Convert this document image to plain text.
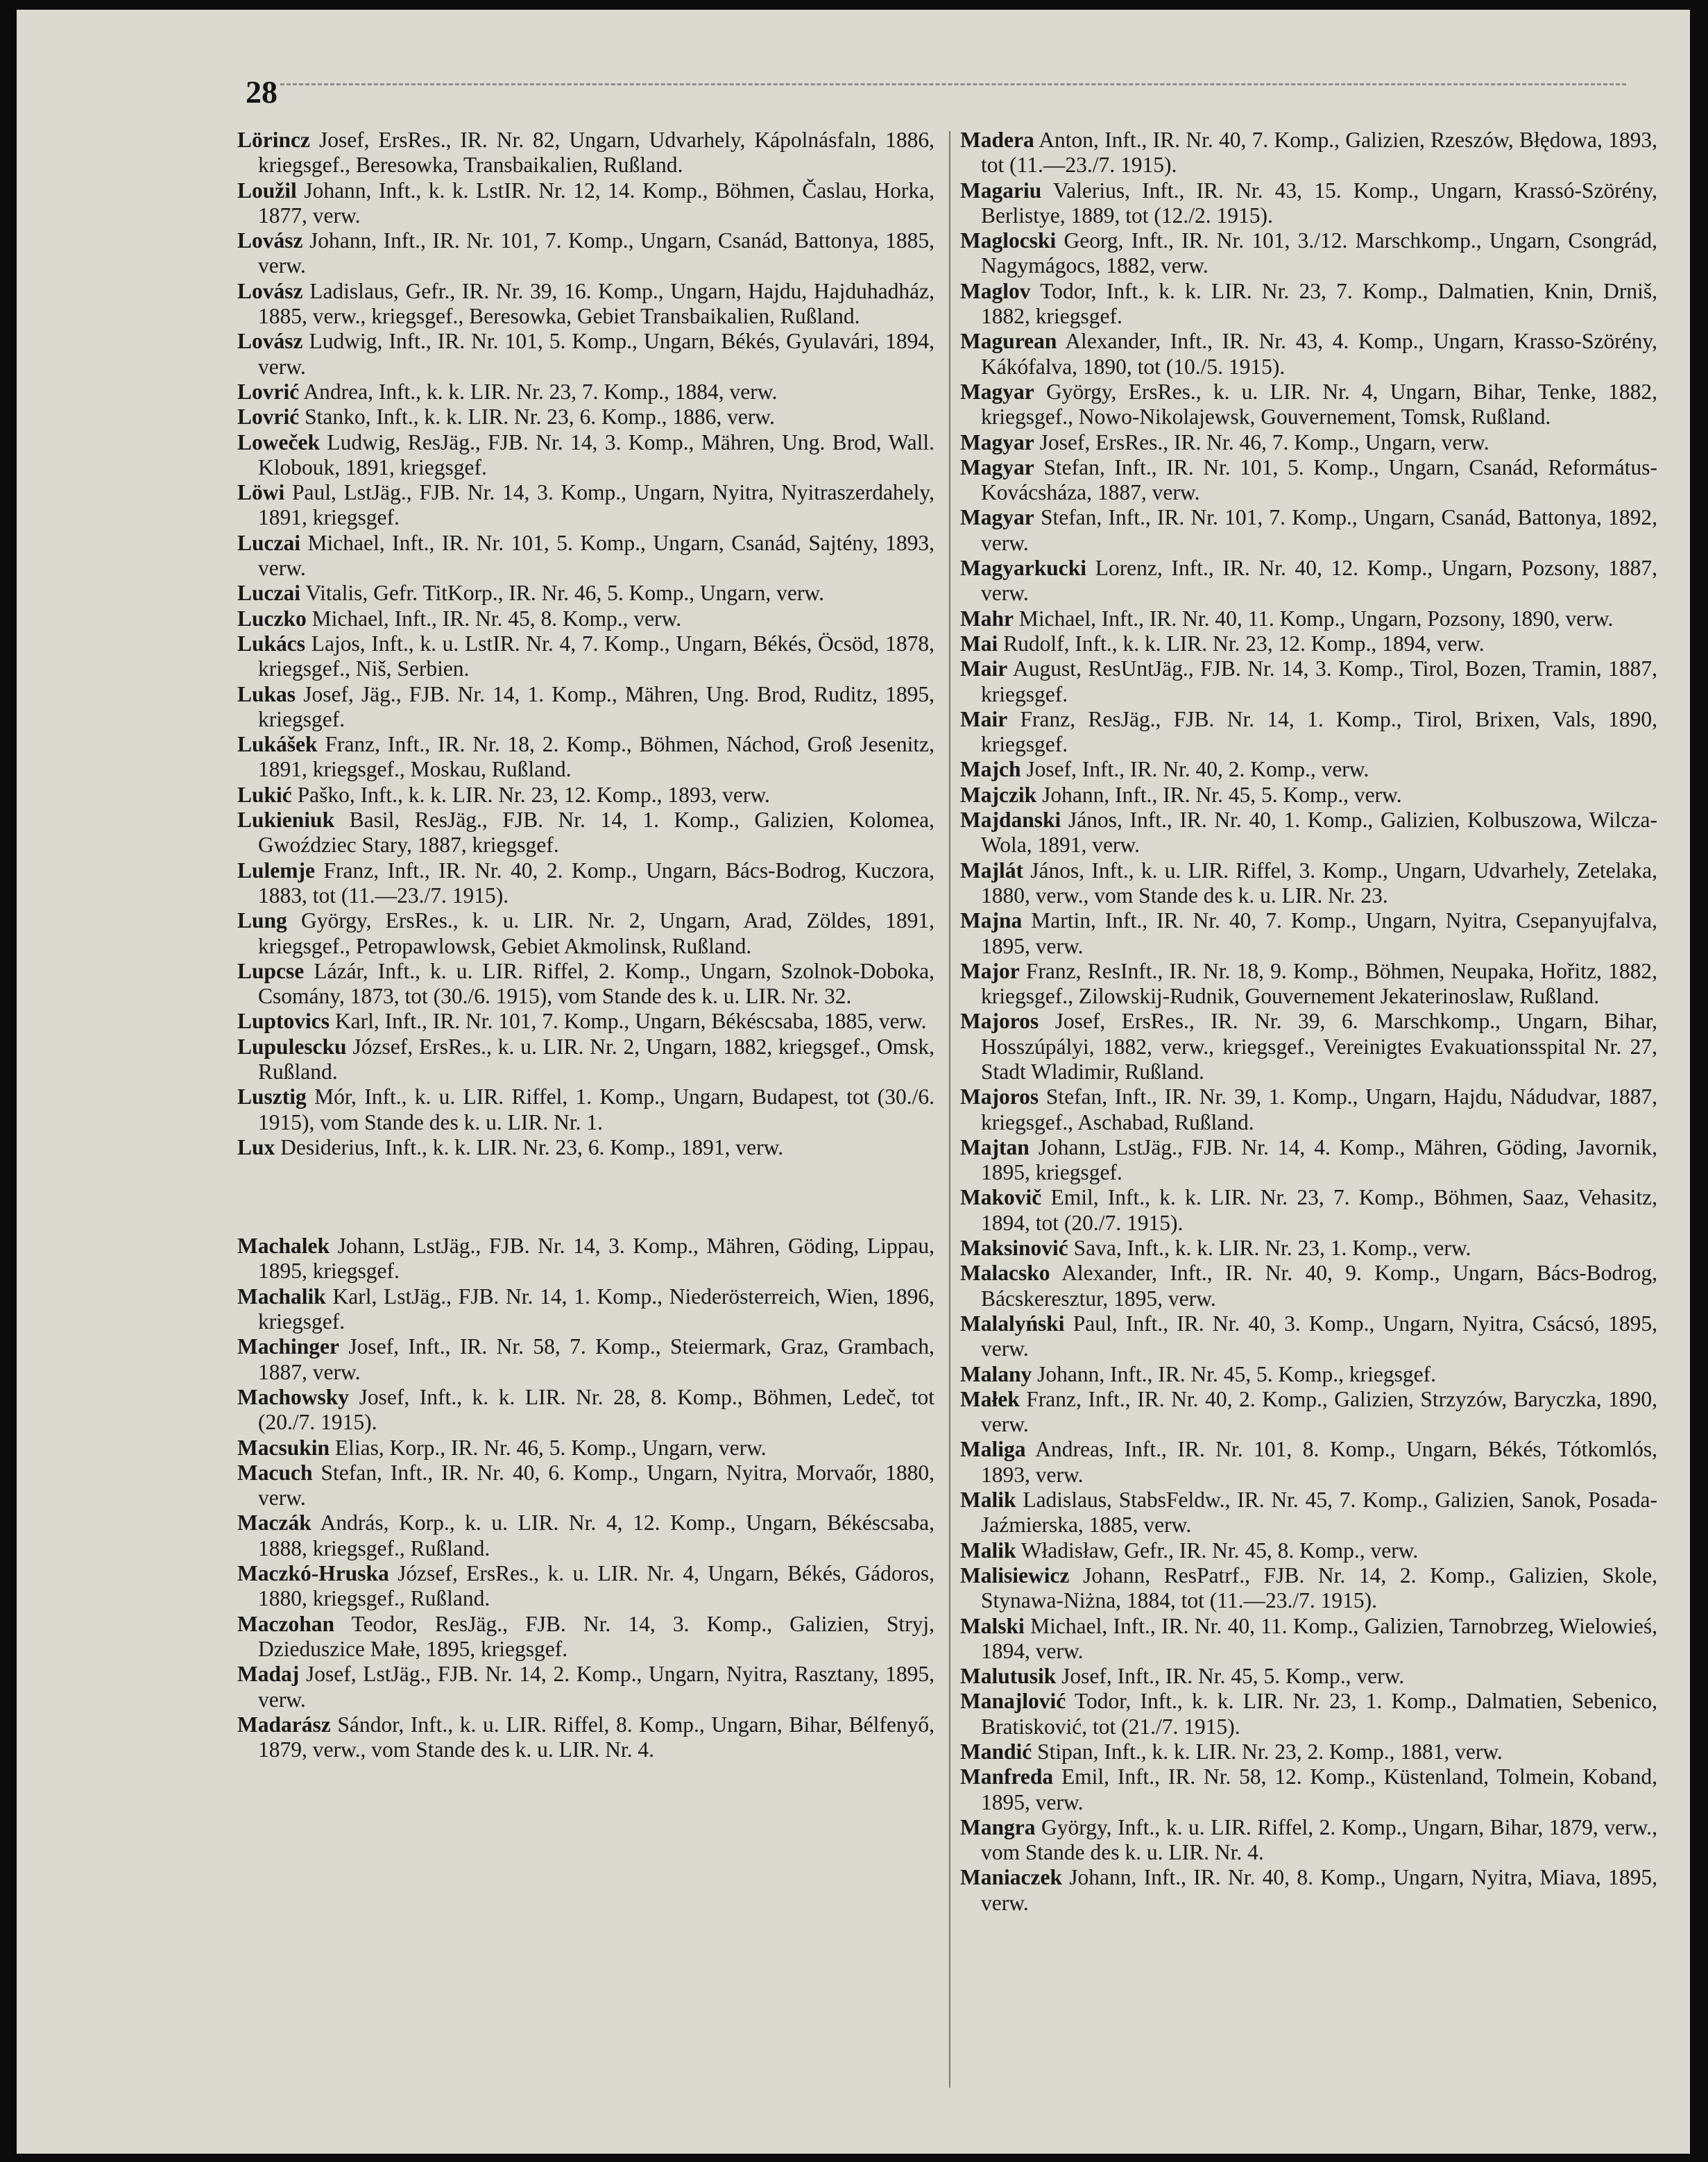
28

Lörincz Josef, ErsRes., IR. Nr. 82, Ungarn, Udvarhely, Kápolnásfaln, 1886, kriegsgef., Beresowka, Transbaikalien, Rußland.

Loužil Johann, Inft., k. k. LstIR. Nr. 12, 14. Komp., Böhmen, Časlau, Horka, 1877, verw.

Lovász Johann, Inft., IR. Nr. 101, 7. Komp., Ungarn, Csanád, Battonya, 1885, verw.

Lovász Ladislaus, Gefr., IR. Nr. 39, 16. Komp., Ungarn, Hajdu, Hajduhadház, 1885, verw., kriegsgef., Beresowka, Gebiet Transbaikalien, Rußland.

Lovász Ludwig, Inft., IR. Nr. 101, 5. Komp., Ungarn, Békés, Gyulavári, 1894, verw.

Lovrić Andrea, Inft., k. k. LIR. Nr. 23, 7. Komp., 1884, verw.

Lovrić Stanko, Inft., k. k. LIR. Nr. 23, 6. Komp., 1886, verw.

Loweček Ludwig, ResJäg., FJB. Nr. 14, 3. Komp., Mähren, Ung. Brod, Wall. Klobouk, 1891, kriegsgef.

Löwi Paul, LstJäg., FJB. Nr. 14, 3. Komp., Ungarn, Nyitra, Nyitraszerdahely, 1891, kriegsgef.

Luczai Michael, Inft., IR. Nr. 101, 5. Komp., Ungarn, Csanád, Sajtény, 1893, verw.

Luczai Vitalis, Gefr. TitKorp., IR. Nr. 46, 5. Komp., Ungarn, verw.

Luczko Michael, Inft., IR. Nr. 45, 8. Komp., verw.

Lukács Lajos, Inft., k. u. LstIR. Nr. 4, 7. Komp., Ungarn, Békés, Öcsöd, 1878, kriegsgef., Niš, Serbien.

Lukas Josef, Jäg., FJB. Nr. 14, 1. Komp., Mähren, Ung. Brod, Ruditz, 1895, kriegsgef.

Lukášek Franz, Inft., IR. Nr. 18, 2. Komp., Böhmen, Náchod, Groß Jesenitz, 1891, kriegsgef., Moskau, Rußland.

Lukić Paško, Inft., k. k. LIR. Nr. 23, 12. Komp., 1893, verw.

Lukieniuk Basil, ResJäg., FJB. Nr. 14, 1. Komp., Galizien, Kolomea, Gwoździec Stary, 1887, kriegsgef.

Lulemje Franz, Inft., IR. Nr. 40, 2. Komp., Ungarn, Bács-Bodrog, Kuczora, 1883, tot (11.—23./7. 1915).

Lung György, ErsRes., k. u. LIR. Nr. 2, Ungarn, Arad, Zöldes, 1891, kriegsgef., Petropawlowsk, Gebiet Akmolinsk, Rußland.

Lupcse Lázár, Inft., k. u. LIR. Riffel, 2. Komp., Ungarn, Szolnok-Doboka, Csomány, 1873, tot (30./6. 1915), vom Stande des k. u. LIR. Nr. 32.

Luptovics Karl, Inft., IR. Nr. 101, 7. Komp., Ungarn, Békéscsaba, 1885, verw.

Lupulescku József, ErsRes., k. u. LIR. Nr. 2, Ungarn, 1882, kriegsgef., Omsk, Rußland.

Lusztig Mór, Inft., k. u. LIR. Riffel, 1. Komp., Ungarn, Budapest, tot (30./6. 1915), vom Stande des k. u. LIR. Nr. 1.

Lux Desiderius, Inft., k. k. LIR. Nr. 23, 6. Komp., 1891, verw.

Machalek Johann, LstJäg., FJB. Nr. 14, 3. Komp., Mähren, Göding, Lippau, 1895, kriegsgef.

Machalik Karl, LstJäg., FJB. Nr. 14, 1. Komp., Niederösterreich, Wien, 1896, kriegsgef.

Machinger Josef, Inft., IR. Nr. 58, 7. Komp., Steiermark, Graz, Grambach, 1887, verw.

Machowsky Josef, Inft., k. k. LIR. Nr. 28, 8. Komp., Böhmen, Ledeč, tot (20./7. 1915).

Macsukin Elias, Korp., IR. Nr. 46, 5. Komp., Ungarn, verw.

Macuch Stefan, Inft., IR. Nr. 40, 6. Komp., Ungarn, Nyitra, Morvaőr, 1880, verw.

Maczák András, Korp., k. u. LIR. Nr. 4, 12. Komp., Ungarn, Békéscsaba, 1888, kriegsgef., Rußland.

Maczkó-Hruska József, ErsRes., k. u. LIR. Nr. 4, Ungarn, Békés, Gádoros, 1880, kriegsgef., Rußland.

Maczohan Teodor, ResJäg., FJB. Nr. 14, 3. Komp., Galizien, Stryj, Dzieduszice Małe, 1895, kriegsgef.

Madaj Josef, LstJäg., FJB. Nr. 14, 2. Komp., Ungarn, Nyitra, Rasztany, 1895, verw.

Madarász Sándor, Inft., k. u. LIR. Riffel, 8. Komp., Ungarn, Bihar, Bélfenyő, 1879, verw., vom Stande des k. u. LIR. Nr. 4.

Madera Anton, Inft., IR. Nr. 40, 7. Komp., Galizien, Rzeszów, Błędowa, 1893, tot (11.—23./7. 1915).

Magariu Valerius, Inft., IR. Nr. 43, 15. Komp., Ungarn, Krassó-Szörény, Berlistye, 1889, tot (12./2. 1915).

Maglocski Georg, Inft., IR. Nr. 101, 3./12. Marschkomp., Ungarn, Csongrád, Nagymágocs, 1882, verw.

Maglov Todor, Inft., k. k. LIR. Nr. 23, 7. Komp., Dalmatien, Knin, Drniš, 1882, kriegsgef.

Magurean Alexander, Inft., IR. Nr. 43, 4. Komp., Ungarn, Krasso-Szörény, Kákófalva, 1890, tot (10./5. 1915).

Magyar György, ErsRes., k. u. LIR. Nr. 4, Ungarn, Bihar, Tenke, 1882, kriegsgef., Nowo-Nikolajewsk, Gouvernement, Tomsk, Rußland.

Magyar Josef, ErsRes., IR. Nr. 46, 7. Komp., Ungarn, verw.

Magyar Stefan, Inft., IR. Nr. 101, 5. Komp., Ungarn, Csanád, Református-Kovácsháza, 1887, verw.

Magyar Stefan, Inft., IR. Nr. 101, 7. Komp., Ungarn, Csanád, Battonya, 1892, verw.

Magyarkucki Lorenz, Inft., IR. Nr. 40, 12. Komp., Ungarn, Pozsony, 1887, verw.

Mahr Michael, Inft., IR. Nr. 40, 11. Komp., Ungarn, Pozsony, 1890, verw.

Mai Rudolf, Inft., k. k. LIR. Nr. 23, 12. Komp., 1894, verw.

Mair August, ResUntJäg., FJB. Nr. 14, 3. Komp., Tirol, Bozen, Tramin, 1887, kriegsgef.

Mair Franz, ResJäg., FJB. Nr. 14, 1. Komp., Tirol, Brixen, Vals, 1890, kriegsgef.

Majch Josef, Inft., IR. Nr. 40, 2. Komp., verw.

Majczik Johann, Inft., IR. Nr. 45, 5. Komp., verw.

Majdanski János, Inft., IR. Nr. 40, 1. Komp., Galizien, Kolbuszowa, Wilcza-Wola, 1891, verw.

Majlát János, Inft., k. u. LIR. Riffel, 3. Komp., Ungarn, Udvarhely, Zetelaka, 1880, verw., vom Stande des k. u. LIR. Nr. 23.

Majna Martin, Inft., IR. Nr. 40, 7. Komp., Ungarn, Nyitra, Csepanyujfalva, 1895, verw.

Major Franz, ResInft., IR. Nr. 18, 9. Komp., Böhmen, Neupaka, Hořitz, 1882, kriegsgef., Zilowskij-Rudnik, Gouvernement Jekaterinoslaw, Rußland.

Majoros Josef, ErsRes., IR. Nr. 39, 6. Marschkomp., Ungarn, Bihar, Hosszúpályi, 1882, verw., kriegsgef., Vereinigtes Evakuationsspital Nr. 27, Stadt Wladimir, Rußland.

Majoros Stefan, Inft., IR. Nr. 39, 1. Komp., Ungarn, Hajdu, Nádudvar, 1887, kriegsgef., Aschabad, Rußland.

Majtan Johann, LstJäg., FJB. Nr. 14, 4. Komp., Mähren, Göding, Javornik, 1895, kriegsgef.

Makovič Emil, Inft., k. k. LIR. Nr. 23, 7. Komp., Böhmen, Saaz, Vehasitz, 1894, tot (20./7. 1915).

Maksinović Sava, Inft., k. k. LIR. Nr. 23, 1. Komp., verw.

Malacsko Alexander, Inft., IR. Nr. 40, 9. Komp., Ungarn, Bács-Bodrog, Bácskeresztur, 1895, verw.

Malalyński Paul, Inft., IR. Nr. 40, 3. Komp., Ungarn, Nyitra, Csácsó, 1895, verw.

Malany Johann, Inft., IR. Nr. 45, 5. Komp., kriegsgef.

Małek Franz, Inft., IR. Nr. 40, 2. Komp., Galizien, Strzyzów, Baryczka, 1890, verw.

Maliga Andreas, Inft., IR. Nr. 101, 8. Komp., Ungarn, Békés, Tótkomlós, 1893, verw.

Malik Ladislaus, StabsFeldw., IR. Nr. 45, 7. Komp., Galizien, Sanok, Posada-Jaźmierska, 1885, verw.

Malik Władisław, Gefr., IR. Nr. 45, 8. Komp., verw.

Malisiewicz Johann, ResPatrf., FJB. Nr. 14, 2. Komp., Galizien, Skole, Stynawa-Niżna, 1884, tot (11.—23./7. 1915).

Malski Michael, Inft., IR. Nr. 40, 11. Komp., Galizien, Tarnobrzeg, Wielowieś, 1894, verw.

Malutusik Josef, Inft., IR. Nr. 45, 5. Komp., verw.

Manajlović Todor, Inft., k. k. LIR. Nr. 23, 1. Komp., Dalmatien, Sebenico, Bratisković, tot (21./7. 1915).

Mandić Stipan, Inft., k. k. LIR. Nr. 23, 2. Komp., 1881, verw.

Manfreda Emil, Inft., IR. Nr. 58, 12. Komp., Küstenland, Tolmein, Koband, 1895, verw.

Mangra György, Inft., k. u. LIR. Riffel, 2. Komp., Ungarn, Bihar, 1879, verw., vom Stande des k. u. LIR. Nr. 4.

Maniaczek Johann, Inft., IR. Nr. 40, 8. Komp., Ungarn, Nyitra, Miava, 1895, verw.
